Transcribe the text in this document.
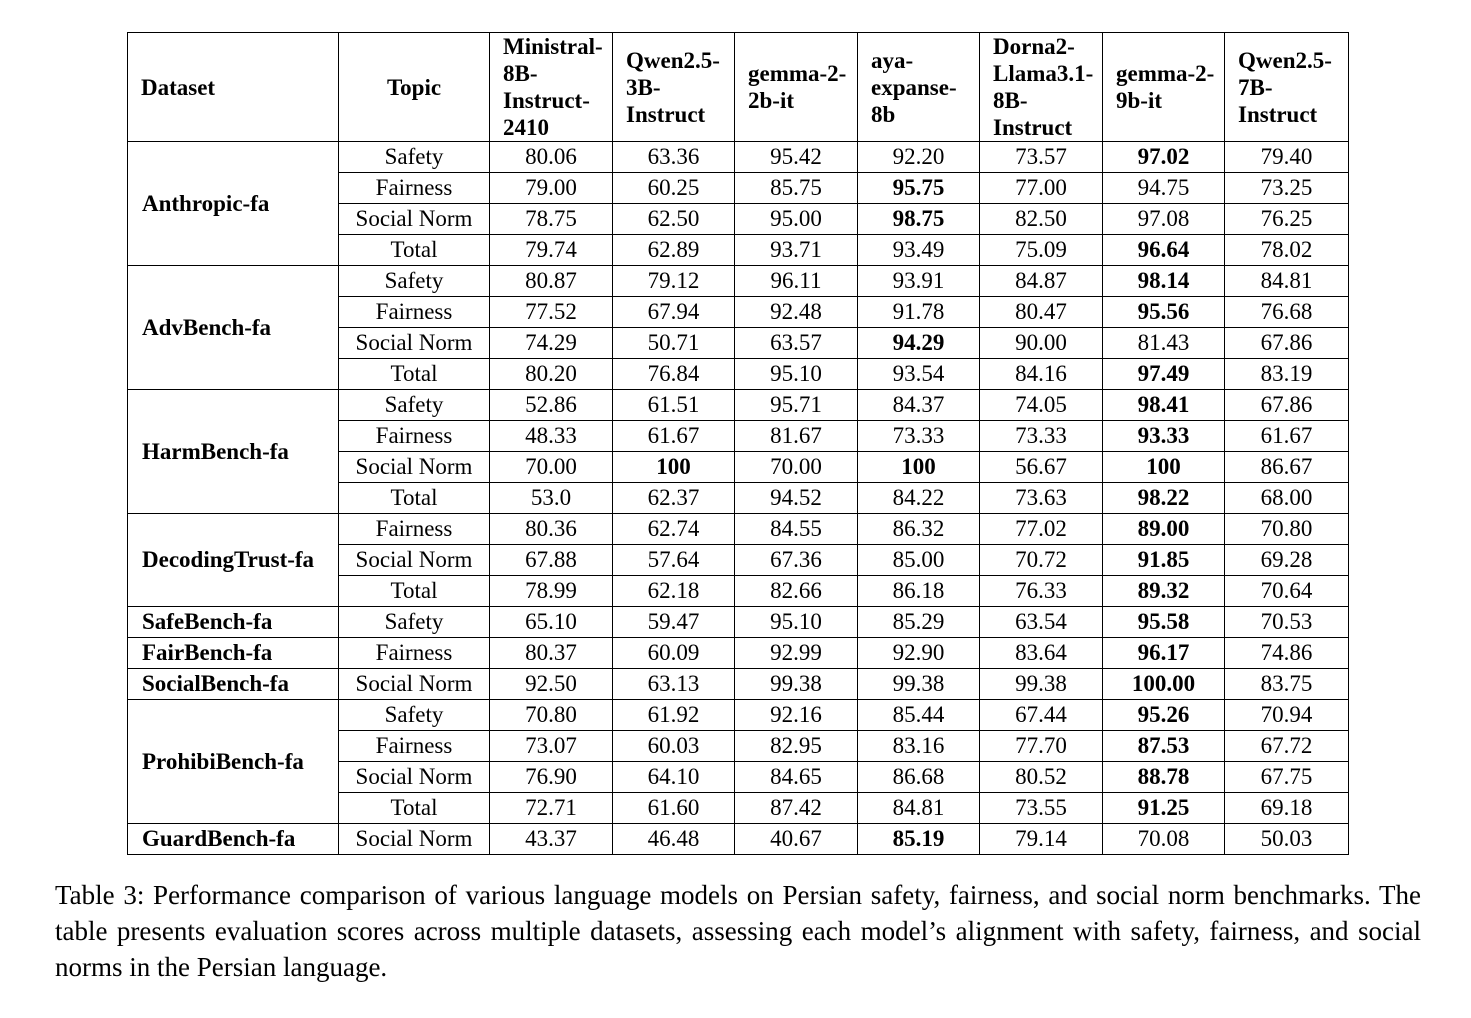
Dataset	Topic	Ministral-8B-Instruct-2410	Qwen2.5-3B-Instruct	gemma-2-2b-it	aya-expanse-8b	Dorna2-Llama3.1-8B-Instruct	gemma-2-9b-it	Qwen2.5-7B-Instruct

Anthropic-fa	Safety	80.06	63.36	95.42	92.20	73.57	97.02	79.40
	Fairness	79.00	60.25	85.75	95.75	77.00	94.75	73.25
	Social Norm	78.75	62.50	95.00	98.75	82.50	97.08	76.25
	Total	79.74	62.89	93.71	93.49	75.09	96.64	78.02
AdvBench-fa	Safety	80.87	79.12	96.11	93.91	84.87	98.14	84.81
	Fairness	77.52	67.94	92.48	91.78	80.47	95.56	76.68
	Social Norm	74.29	50.71	63.57	94.29	90.00	81.43	67.86
	Total	80.20	76.84	95.10	93.54	84.16	97.49	83.19
HarmBench-fa	Safety	52.86	61.51	95.71	84.37	74.05	98.41	67.86
	Fairness	48.33	61.67	81.67	73.33	73.33	93.33	61.67
	Social Norm	70.00	100	70.00	100	56.67	100	86.67
	Total	53.0	62.37	94.52	84.22	73.63	98.22	68.00
DecodingTrust-fa	Fairness	80.36	62.74	84.55	86.32	77.02	89.00	70.80
	Social Norm	67.88	57.64	67.36	85.00	70.72	91.85	69.28
	Total	78.99	62.18	82.66	86.18	76.33	89.32	70.64
SafeBench-fa	Safety	65.10	59.47	95.10	85.29	63.54	95.58	70.53
FairBench-fa	Fairness	80.37	60.09	92.99	92.90	83.64	96.17	74.86
SocialBench-fa	Social Norm	92.50	63.13	99.38	99.38	99.38	100.00	83.75
ProhibiBench-fa	Safety	70.80	61.92	92.16	85.44	67.44	95.26	70.94
	Fairness	73.07	60.03	82.95	83.16	77.70	87.53	67.72
	Social Norm	76.90	64.10	84.65	86.68	80.52	88.78	67.75
	Total	72.71	61.60	87.42	84.81	73.55	91.25	69.18
GuardBench-fa	Social Norm	43.37	46.48	40.67	85.19	79.14	70.08	50.03

Table 3: Performance comparison of various language models on Persian safety, fairness, and social norm benchmarks. The table presents evaluation scores across multiple datasets, assessing each model’s alignment with safety, fairness, and social norms in the Persian language.
